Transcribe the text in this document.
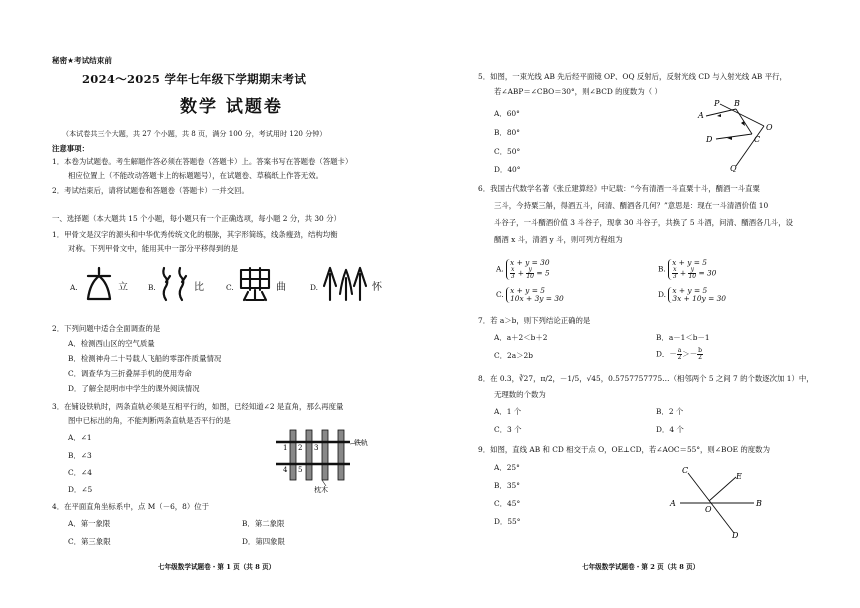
秘密★考试结束前
2024～2025 学年七年级下学期期末考试
数学 试题卷
（本试卷共三个大题，共 27 个小题，共 8 页，满分 100 分，考试用时 120 分钟）
注意事项：
1．本卷为试题卷。考生解题作答必须在答题卷（答题卡）上。答案书写在答题卷（答题卡）
相应位置上（不能改动答题卡上的标题题号），在试题卷、草稿纸上作答无效。
2．考试结束后，请将试题卷和答题卷（答题卡）一并交回。
一、选择题（本大题共 15 个小题，每小题只有一个正确选项，每小题 2 分，共 30 分）
1．甲骨文是汉字的源头和中华优秀传统文化的根脉，其字形简练，线条瘦劲，结构均衡
对称。下列甲骨文中，能用其中一部分平移得到的是
A.	立	B.	比	C.	曲	D.	怀
2．下列问题中适合全面调查的是
A．检测西山区的空气质量
B．检测神舟二十号载人飞船的零部件质量情况
C．调查华为三折叠屏手机的使用寿命
D．了解全昆明市中学生的课外阅读情况
3．在铺设铁轨时，两条直轨必须是互相平行的，如图，已经知道∠2 是直角，那么再度量
图中已标出的角，不能判断两条直轨是否平行的是
A．∠1
B．∠3
C．∠4
D．∠5
1 2 3
4 5
铁轨
枕木
4．在平面直角坐标系中，点 M（－6，8）位于
A．第一象限	B．第二象限
C．第三象限	D．第四象限
七年级数学试题卷・第 1 页（共 8 页）
5．如图，一束光线 AB 先后经平面镜 OP、OQ 反射后，反射光线 CD 与入射光线 AB 平行，
若∠ABP＝∠CBO＝30°，则∠BCD 的度数为（ ）
A．60°
B．80°
C．50°
D．40°
A
P B
O
D	C
Q
6．我国古代数学名著《张丘建算经》中记载：“今有清酒一斗直粟十斗，醑酒一斗直粟
三斗，今持粟三斛，得酒五斗，问清、醑酒各几何？”意思是：现在一斗清酒价值 10
斗谷子，一斗醑酒价值 3 斗谷子，现拿 30 斗谷子，共换了 5 斗酒，问清、醑酒各几斗，设
醑酒 x 斗，清酒 y 斗，则可列方程组为
A.
x + y = 30
$\frac{x}{3} + \frac{y}{10} = 5$	B.
x + y = 5
$\frac{x}{3} + \frac{y}{10} = 30$
C. x + y = 5
10x + 3y = 30	D. x + y = 5
3x + 10y = 30
7．若 a＞b，则下列结论正确的是
A．a＋2＜b＋2	B．a－1＜b－1
C．2a＞2b	D．－ $\frac{a}{2} >- \frac{b}{2}$
8．在 0.3，∛27，π/2，－1/5，√45，0.5757757775…（相邻两个 5 之间 7 的个数逐次加 1）中，
无理数的个数为
A．1 个	B．2 个
C．3 个	D．4 个
9．如图，直线 AB 和 CD 相交于点 O，OE⊥CD，若∠AOC＝55°，则∠BOE 的度数为
A．25°
B．35°
C．45°
D．55°
C
E
A
O
B
D
七年级数学试题卷・第 2 页（共 8 页）
